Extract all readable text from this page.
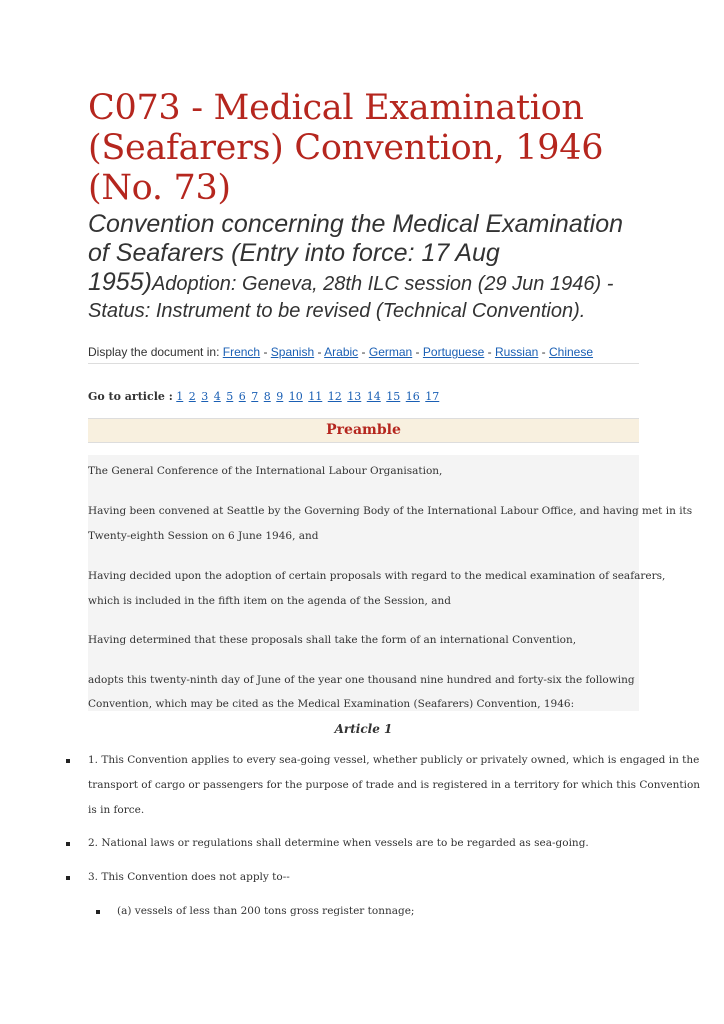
C073 - Medical Examination
(Seafarers) Convention, 1946
(No. 73)
Convention concerning the Medical Examination
of Seafarers (Entry into force: 17 Aug
1955)Adoption: Geneva, 28th ILC session (29 Jun 1946) -
Status: Instrument to be revised (Technical Convention).
Display the document in: French - Spanish - Arabic - German - Portuguese - Russian - Chinese
Go to article : 1 2 3 4 5 6 7 8 9 10 11 12 13 14 15 16 17
Preamble
The General Conference of the International Labour Organisation,
Having been convened at Seattle by the Governing Body of the International Labour Office, and having met in its
Twenty-eighth Session on 6 June 1946, and
Having decided upon the adoption of certain proposals with regard to the medical examination of seafarers,
which is included in the fifth item on the agenda of the Session, and
Having determined that these proposals shall take the form of an international Convention,
adopts this twenty-ninth day of June of the year one thousand nine hundred and forty-six the following
Convention, which may be cited as the Medical Examination (Seafarers) Convention, 1946:
Article 1
1. This Convention applies to every sea-going vessel, whether publicly or privately owned, which is engaged in the
transport of cargo or passengers for the purpose of trade and is registered in a territory for which this Convention
is in force.
2. National laws or regulations shall determine when vessels are to be regarded as sea-going.
3. This Convention does not apply to--
(a) vessels of less than 200 tons gross register tonnage;
